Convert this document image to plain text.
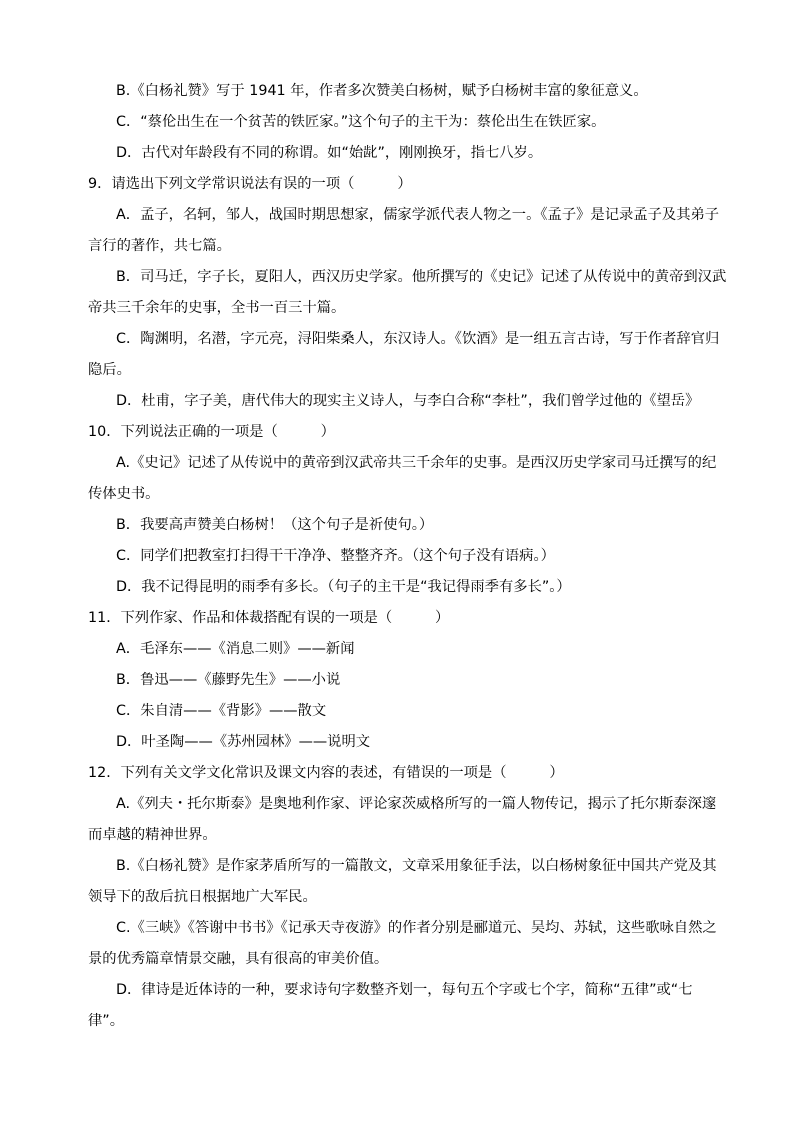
B.《白杨礼赞》写于 1941 年，作者多次赞美白杨树，赋予白杨树丰富的象征意义。
C．“蔡伦出生在一个贫苦的铁匠家。”这个句子的主干为：蔡伦出生在铁匠家。
D．古代对年龄段有不同的称谓。如“始龀”，刚刚换牙，指七八岁。
9．请选出下列文学常识说法有误的一项（　　　）
A．孟子，名轲，邹人，战国时期思想家，儒家学派代表人物之一。《孟子》是记录孟子及其弟子
言行的著作，共七篇。
B．司马迁，字子长，夏阳人，西汉历史学家。他所撰写的《史记》记述了从传说中的黄帝到汉武
帝共三千余年的史事，全书一百三十篇。
C．陶渊明，名潜，字元亮，浔阳柴桑人，东汉诗人。《饮酒》是一组五言古诗，写于作者辞官归
隐后。
D．杜甫，字子美，唐代伟大的现实主义诗人，与李白合称“李杜”，我们曾学过他的《望岳》
10．下列说法正确的一项是（　　　）
A.《史记》记述了从传说中的黄帝到汉武帝共三千余年的史事。是西汉历史学家司马迁撰写的纪
传体史书。
B．我要高声赞美白杨树！（这个句子是祈使句。）
C．同学们把教室打扫得干干净净、整整齐齐。（这个句子没有语病。）
D．我不记得昆明的雨季有多长。（句子的主干是“我记得雨季有多长”。）
11．下列作家、作品和体裁搭配有误的一项是（　　　）
A．毛泽东——《消息二则》——新闻
B．鲁迅——《藤野先生》——小说
C．朱自清——《背影》——散文
D．叶圣陶——《苏州园林》——说明文
12．下列有关文学文化常识及课文内容的表述，有错误的一项是（　　　）
A.《列夫・托尔斯泰》是奥地利作家、评论家茨威格所写的一篇人物传记，揭示了托尔斯泰深邃
而卓越的精神世界。
B.《白杨礼赞》是作家茅盾所写的一篇散文，文章采用象征手法，以白杨树象征中国共产党及其
领导下的敌后抗日根据地广大军民。
C.《三峡》《答谢中书书》《记承天寺夜游》的作者分别是郦道元、吴均、苏轼，这些歌咏自然之
景的优秀篇章情景交融，具有很高的审美价值。
D．律诗是近体诗的一种，要求诗句字数整齐划一，每句五个字或七个字，简称“五律”或“七
律”。
